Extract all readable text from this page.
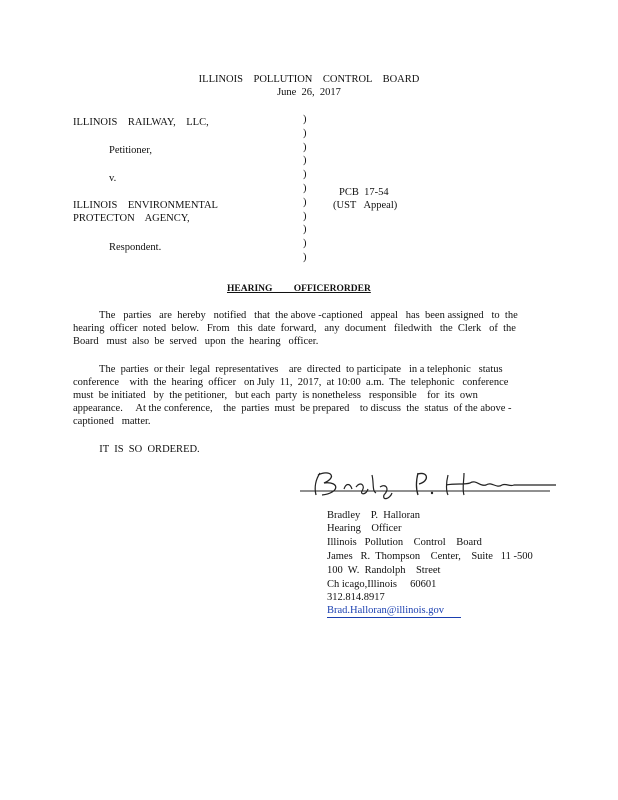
ILLINOIS    POLLUTION    CONTROL    BOARD
June  26,  2017
ILLINOIS    RAILWAY,    LLC,
Petitioner,
v.
ILLINOIS    ENVIRONMENTAL
PROTECTON    AGENCY,
Respondent.
)
)
)
)
)
)
)
)
)
)
)
PCB  17-54
(UST   Appeal)
HEARING         OFFICERORDER
The   parties   are  hereby   notified   that  the above -captioned   appeal   has  been assigned   to  the
hearing  officer  noted  below.   From   this  date  forward,   any  document   filedwith   the  Clerk   of  the
Board   must  also  be  served   upon  the  hearing   officer.
The  parties  or their  legal  representatives    are  directed  to participate   in a telephonic   status
conference    with  the  hearing  officer   on July  11,  2017,  at 10:00  a.m.  The  telephonic   conference
must  be initiated   by  the petitioner,   but each  party  is nonetheless   responsible    for  its  own
appearance.     At the conference,    the  parties  must  be prepared    to discuss  the  status  of the above -
captioned   matter.
IT  IS  SO  ORDERED.
Bradley    P.  Halloran
Hearing    Officer
Illinois   Pollution    Control    Board
James   R.  Thompson    Center,    Suite   11 -500
100  W.  Randolph    Street
Ch icago,Illinois     60601
312.814.8917
Brad.Halloran@illinois.gov
